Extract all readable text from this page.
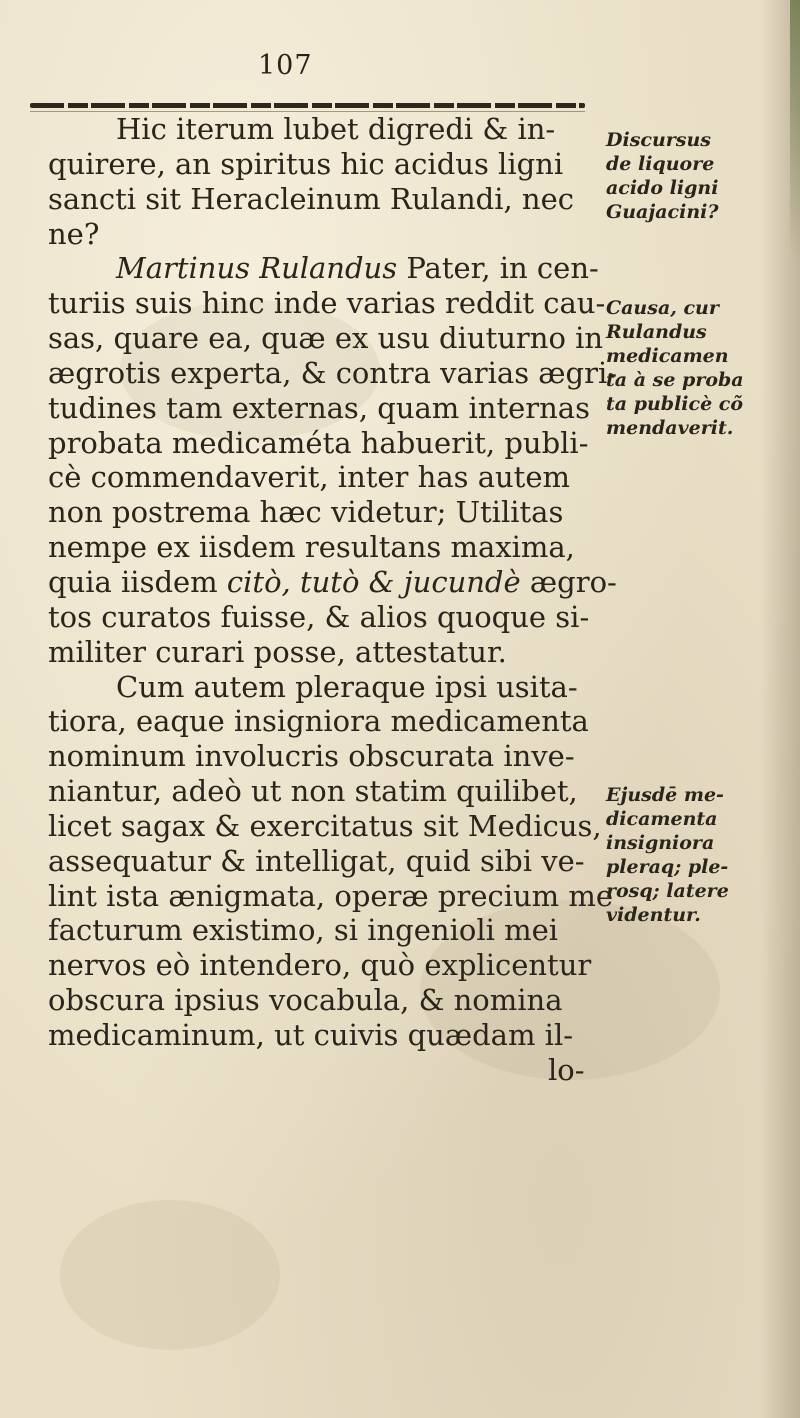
107
Hic iterum lubet digredi & in-
quirere, an spiritus hic acidus ligni
sancti sit Heracleinum Rulandi, nec
ne?
Martinus Rulandus Pater, in cen-
turiis suis hinc inde varias reddit cau-
sas, quare ea, quæ ex usu diuturno in
ægrotis experta, & contra varias ægri-
tudines tam externas, quam internas
probata medicaméta habuerit, publi-
cè commendaverit, inter has autem
non postrema hæc videtur; Utilitas
nempe ex iisdem resultans maxima,
quia iisdem citò, tutò & jucundè ægro-
tos curatos fuisse, & alios quoque si-
militer curari posse, attestatur.
Cum autem pleraque ipsi usita-
tiora, eaque insigniora medicamenta
nominum involucris obscurata inve-
niantur, adeò ut non statim quilibet,
licet sagax & exercitatus sit Medicus,
assequatur & intelligat, quid sibi ve-
lint ista ænigmata, operæ precium me
facturum existimo, si ingenioli mei
nervos eò intendero, quò explicentur
obscura ipsius vocabula, & nomina
medicaminum, ut cuivis quædam il-
lo-
Discursus
de liquore
acido ligni
Guajacini?
Causa, cur
Rulandus
medicamen
ta à se proba
ta publicè cõ
mendaverit.
Ejusdē me-
dicamenta
insigniora
pleraq; ple-
rosq; latere
videntur.
